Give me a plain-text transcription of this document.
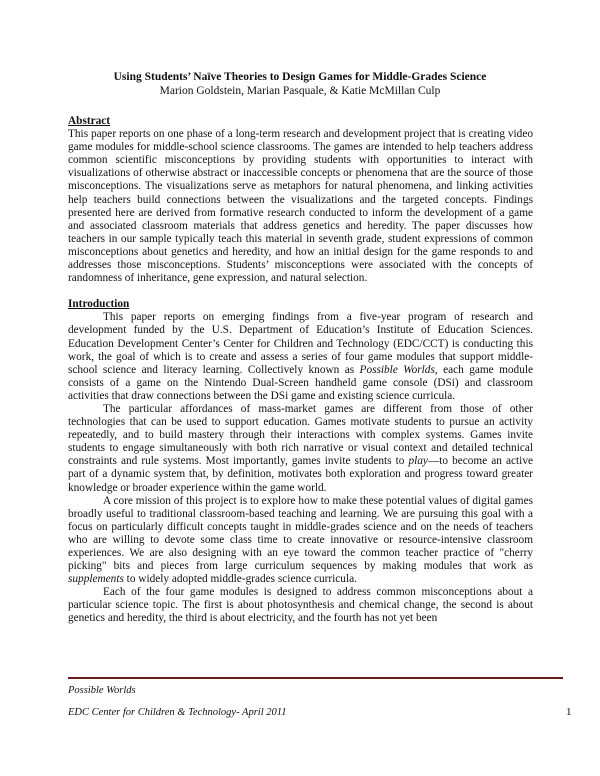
Using Students’ Naïve Theories to Design Games for Middle-Grades Science
Marion Goldstein, Marian Pasquale, & Katie McMillan Culp
Abstract

This paper reports on one phase of a long-term research and development project that is creating video game modules for middle-school science classrooms. The games are intended to help teachers address common scientific misconceptions by providing students with opportunities to interact with visualizations of otherwise abstract or inaccessible concepts or phenomena that are the source of those misconceptions. The visualizations serve as metaphors for natural phenomena, and linking activities help teachers build connections between the visualizations and the targeted concepts. Findings presented here are derived from formative research conducted to inform the development of a game and associated classroom materials that address genetics and heredity. The paper discusses how teachers in our sample typically teach this material in seventh grade, student expressions of common misconceptions about genetics and heredity, and how an initial design for the game responds to and addresses those misconceptions. Students’ misconceptions were associated with the concepts of randomness of inheritance, gene expression, and natural selection.

Introduction

This paper reports on emerging findings from a five-year program of research and development funded by the U.S. Department of Education’s Institute of Education Sciences. Education Development Center’s Center for Children and Technology (EDC/CCT) is conducting this work, the goal of which is to create and assess a series of four game modules that support middle-school science and literacy learning. Collectively known as Possible Worlds, each game module consists of a game on the Nintendo Dual-Screen handheld game console (DSi) and classroom activities that draw connections between the DSi game and existing science curricula.

The particular affordances of mass-market games are different from those of other technologies that can be used to support education. Games motivate students to pursue an activity repeatedly, and to build mastery through their interactions with complex systems. Games invite students to engage simultaneously with both rich narrative or visual context and detailed technical constraints and rule systems. Most importantly, games invite students to play—to become an active part of a dynamic system that, by definition, motivates both exploration and progress toward greater knowledge or broader experience within the game world.

A core mission of this project is to explore how to make these potential values of digital games broadly useful to traditional classroom-based teaching and learning. We are pursuing this goal with a focus on particularly difficult concepts taught in middle-grades science and on the needs of teachers who are willing to devote some class time to create innovative or resource-intensive classroom experiences. We are also designing with an eye toward the common teacher practice of "cherry picking" bits and pieces from large curriculum sequences by making modules that work as supplements to widely adopted middle-grades science curricula.

Each of the four game modules is designed to address common misconceptions about a particular science topic. The first is about photosynthesis and chemical change, the second is about genetics and heredity, the third is about electricity, and the fourth has not yet been

Possible Worlds
EDC Center for Children & Technology- April 2011	1
